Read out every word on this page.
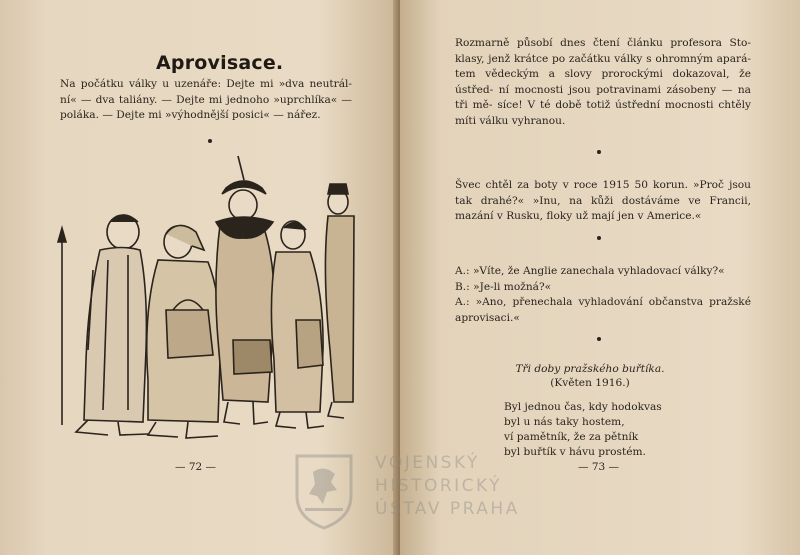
Aprovisace.
Na počátku války u uzenáře: Dejte mi »dva neutrál- ní« — dva taliány. — Dejte mi jednoho »uprchlíka« — poláka. — Dejte mi »výhodnější posici« — nářez.
— 72 —
Rozmarně působí dnes čtení článku profesora Sto- klasy, jenž krátce po začátku války s ohromným apará- tem vědeckým a slovy prorockými dokazoval, že ústřed- ní mocnosti jsou potravinami zásobeny — na tři mě- síce! V té době totiž ústřední mocnosti chtěly míti válku vyhranou.
Švec chtěl za boty v roce 1915 50 korun. »Proč jsou tak drahé?« »Inu, na kůži dostáváme ve Francii, mazání v Rusku, floky už mají jen v Americe.«
A.: »Víte, že Anglie zanechala vyhladovací války?«
B.: »Je-li možná?«
A.: »Ano, přenechala vyhladování občanstva pražské aprovisaci.«
Tři doby pražského buřtíka.
(Květen 1916.)
Byl jednou čas, kdy hodokvas
byl u nás taky hostem,
ví pamětník, že za pětník
byl buřtík v hávu prostém.
— 73 —
VOJENSKÝ
HISTORICKÝ
ÚSTAV PRAHA
